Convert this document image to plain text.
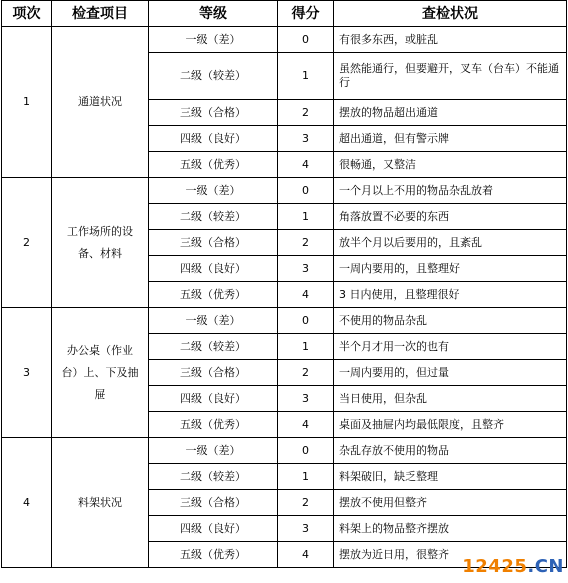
项次	检查项目	等级	得分	查检状况
1	通道状况	一级（差）	0	有很多东西，或脏乱
		二级（较差）	1	虽然能通行，但要避开，叉车（台车）不能通行
		三级（合格）	2	摆放的物品超出通道
		四级（良好）	3	超出通道，但有警示牌
		五级（优秀）	4	很畅通，又整洁
2	工作场所的设备、材料	一级（差）	0	一个月以上不用的物品杂乱放着
		二级（较差）	1	角落放置不必要的东西
		三级（合格）	2	放半个月以后要用的，且紊乱
		四级（良好）	3	一周内要用的，且整理好
		五级（优秀）	4	3 日内使用，且整理很好
3	办公桌（作业台）上、下及抽屉	一级（差）	0	不使用的物品杂乱
		二级（较差）	1	半个月才用一次的也有
		三级（合格）	2	一周内要用的，但过量
		四级（良好）	3	当日使用，但杂乱
		五级（优秀）	4	桌面及抽屉内均最低限度，且整齐
4	料架状况	一级（差）	0	杂乱存放不使用的物品
		二级（较差）	1	料架破旧，缺乏整理
		三级（合格）	2	摆放不使用但整齐
		四级（良好）	3	料架上的物品整齐摆放
		五级（优秀）	4	摆放为近日用，很整齐
12425.CN
